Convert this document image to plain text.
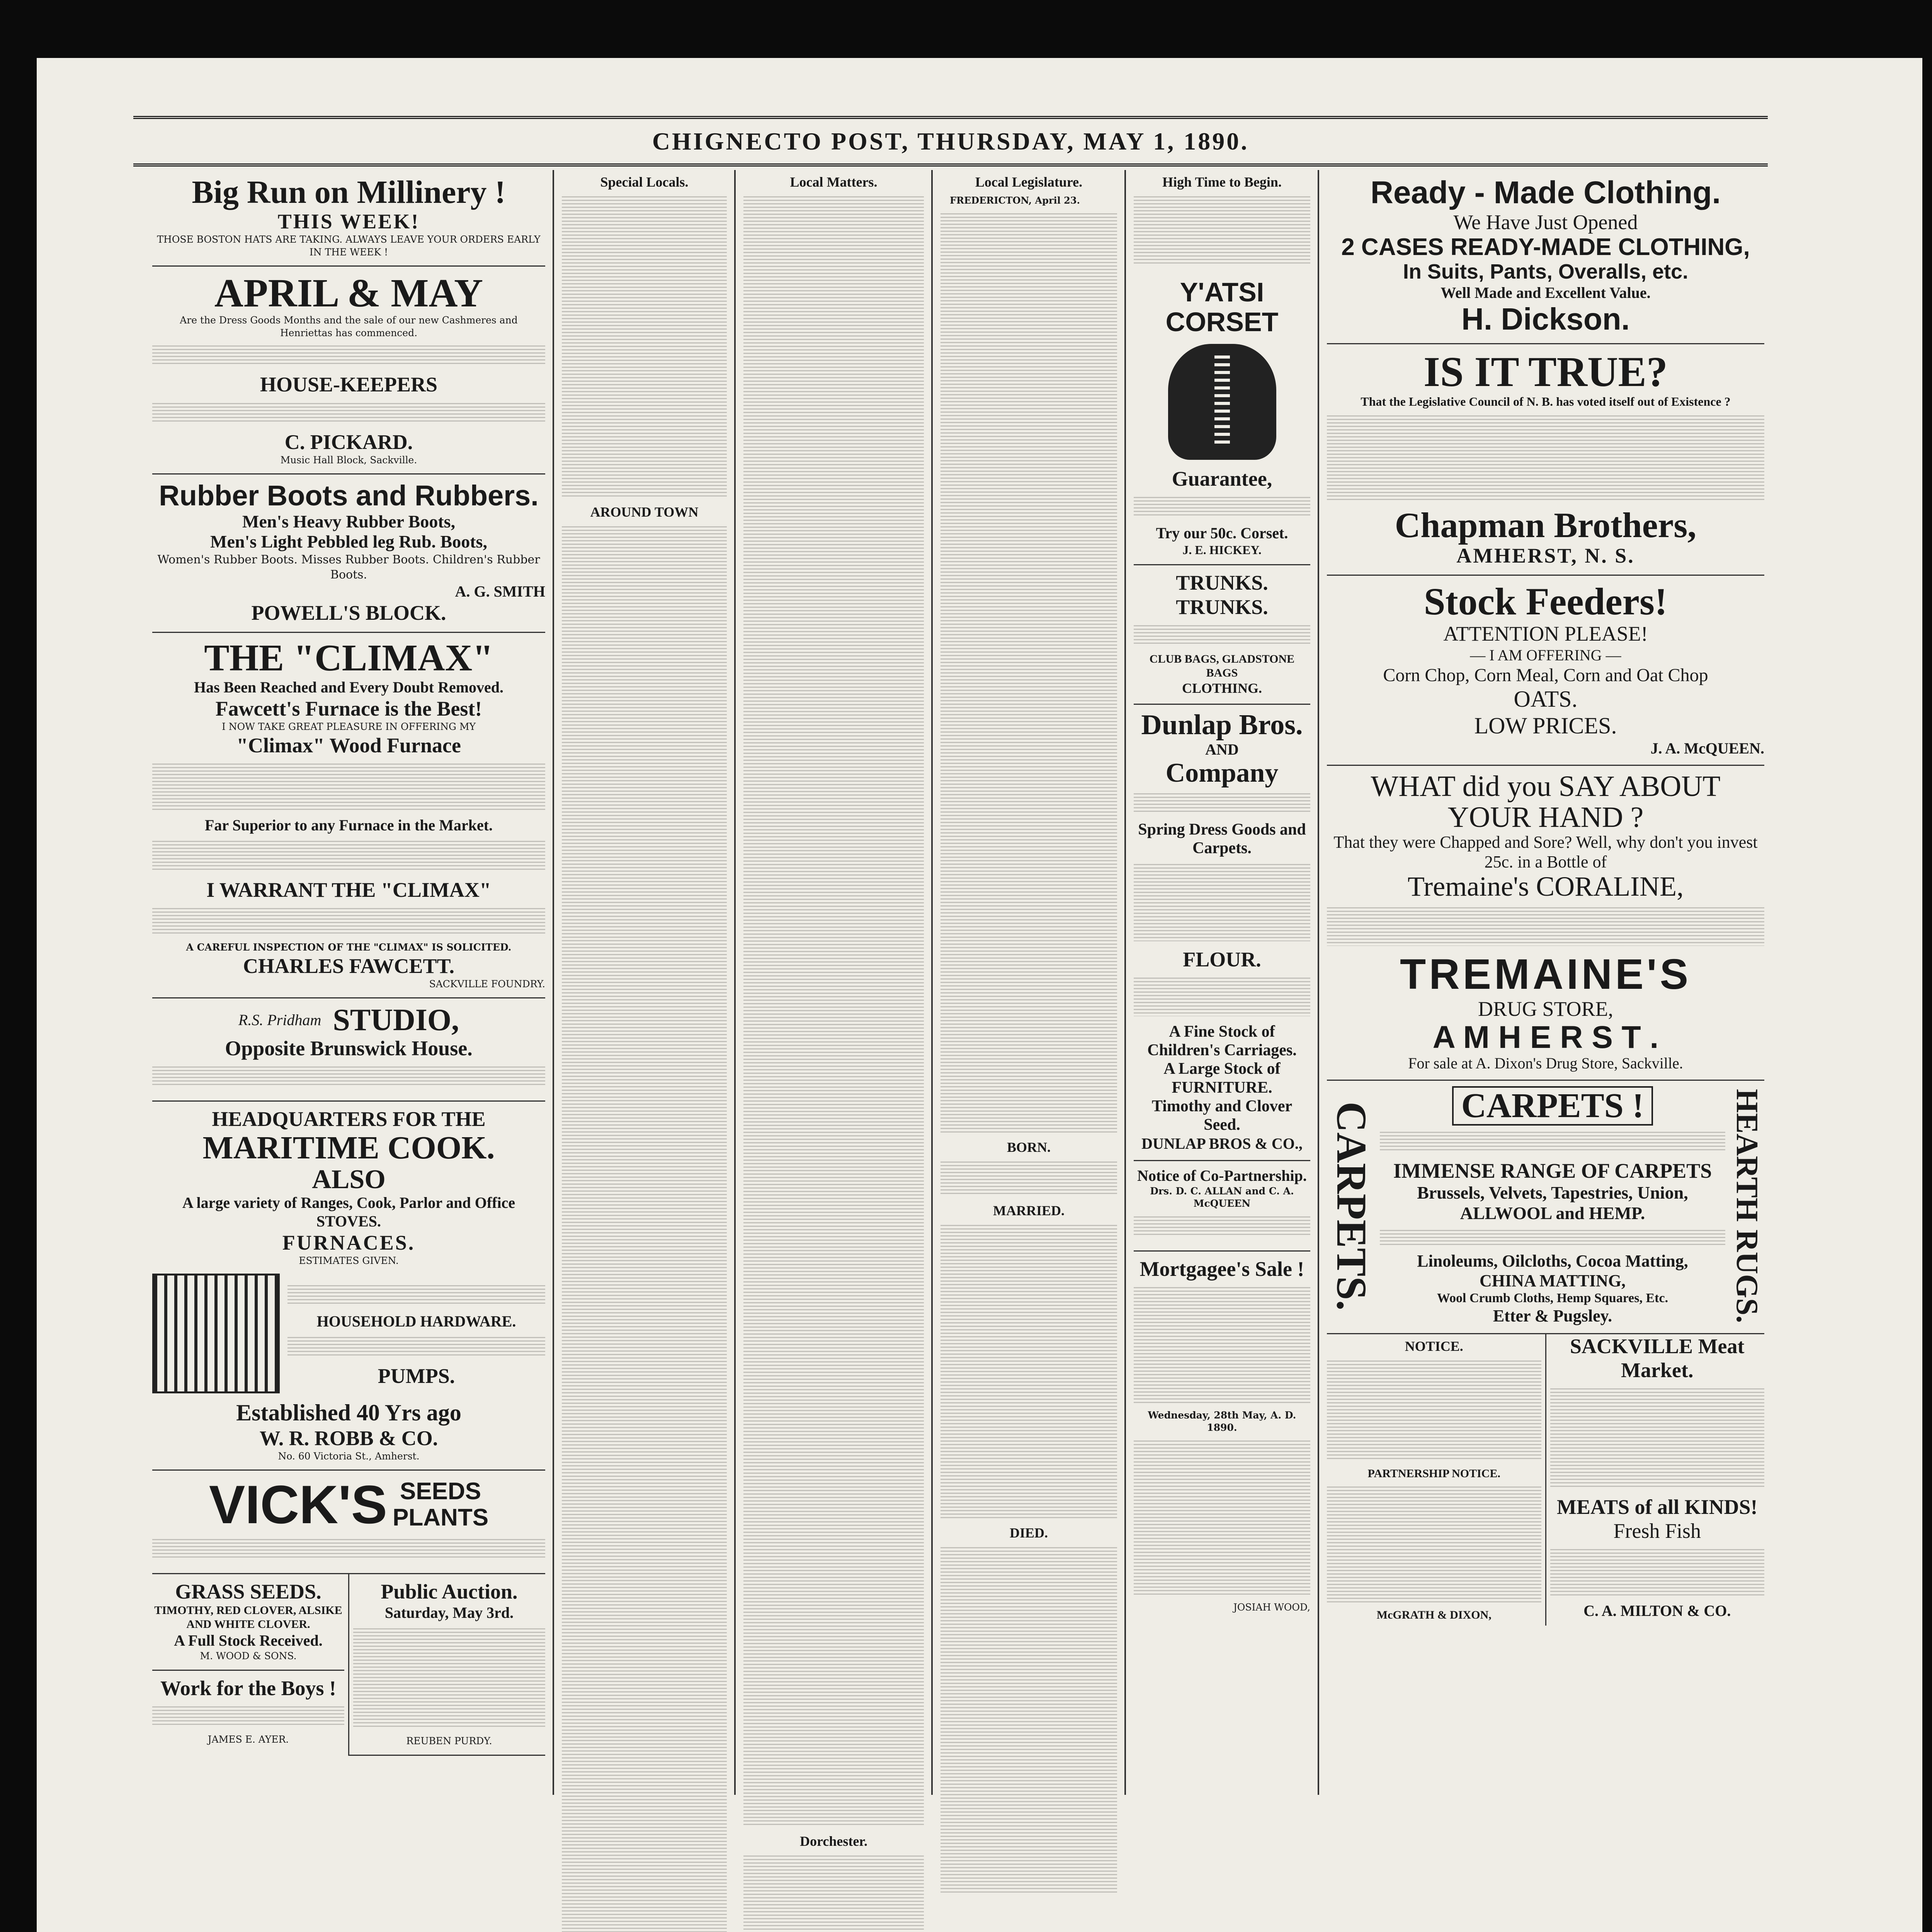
CHIGNECTO POST, THURSDAY, MAY 1, 1890.
Big Run on Millinery !
THIS WEEK!
THOSE BOSTON HATS ARE TAKING. ALWAYS LEAVE YOUR ORDERS EARLY IN THE WEEK !
APRIL & MAY
Are the Dress Goods Months and the sale of our new Cashmeres and Henriettas has commenced.
HOUSE-KEEPERS
C. PICKARD.
Music Hall Block, Sackville.
Rubber Boots and Rubbers.
Men's Heavy Rubber Boots,
Men's Light Pebbled leg Rub. Boots,
Women's Rubber Boots. Misses Rubber Boots. Children's Rubber Boots.
A. G. SMITH
POWELL'S BLOCK.
THE "CLIMAX"
Has Been Reached and Every Doubt Removed.
Fawcett's Furnace is the Best!
I NOW TAKE GREAT PLEASURE IN OFFERING MY
"Climax" Wood Furnace
Far Superior to any Furnace in the Market.
I WARRANT THE "CLIMAX"
A CAREFUL INSPECTION OF THE "CLIMAX" IS SOLICITED.
CHARLES FAWCETT.
SACKVILLE FOUNDRY.
R.S. Pridham STUDIO,
Opposite Brunswick House.
HEADQUARTERS FOR THE
MARITIME COOK.
ALSO
A large variety of Ranges, Cook, Parlor and Office STOVES.
FURNACES.
ESTIMATES GIVEN.
HOUSEHOLD HARDWARE.
PUMPS.
Established 40 Yrs ago
W. R. ROBB & CO.
No. 60 Victoria St., Amherst.
VICK'S SEEDS
PLANTS
GRASS SEEDS.
TIMOTHY, RED CLOVER, ALSIKE AND WHITE CLOVER.
A Full Stock Received.
M. WOOD & SONS.
Work for the Boys !
JAMES E. AYER.
Public Auction.
Saturday, May 3rd.
REUBEN PURDY.
Special Locals.
AROUND TOWN
Local Matters.
Dorchester.
Local Legislature.
FREDERICTON, April 23.
BORN.
MARRIED.
DIED.
High Time to Begin.
Y'ATSI CORSET
Guarantee,
Try our 50c. Corset.
J. E. HICKEY.
TRUNKS. TRUNKS.
CLUB BAGS, GLADSTONE BAGS
CLOTHING.
Dunlap Bros.
AND
Company
Spring Dress Goods and Carpets.
FLOUR.
A Fine Stock of Children's Carriages.
A Large Stock of FURNITURE.
Timothy and Clover Seed.
DUNLAP BROS & CO.,
Notice of Co-Partnership.
Drs. D. C. ALLAN and C. A. McQUEEN
Mortgagee's Sale !
Wednesday, 28th May, A. D. 1890.
JOSIAH WOOD,
Ready - Made Clothing.
We Have Just Opened
2 CASES READY-MADE CLOTHING,
In Suits, Pants, Overalls, etc.
Well Made and Excellent Value.
H. Dickson.
IS IT TRUE?
That the Legislative Council of N. B. has voted itself out of Existence ?
Chapman Brothers,
AMHERST, N. S.
Stock Feeders!
ATTENTION PLEASE!
— I AM OFFERING —
Corn Chop, Corn Meal, Corn and Oat Chop
OATS.
LOW PRICES.
J. A. McQUEEN.
WHAT did you SAY ABOUT YOUR HAND ?
That they were Chapped and Sore? Well, why don't you invest 25c. in a Bottle of
Tremaine's CORALINE,
TREMAINE'S
DRUG STORE,
A M H E R S T .
For sale at A. Dixon's Drug Store, Sackville.
CARPETS.	CARPETS !
IMMENSE RANGE OF CARPETS
Brussels, Velvets, Tapestries, Union, ALLWOOL and HEMP.
Linoleums, Oilcloths, Cocoa Matting,
CHINA MATTING,
Wool Crumb Cloths, Hemp Squares, Etc.
Etter & Pugsley.	HEARTH RUGS.
NOTICE.
PARTNERSHIP NOTICE.
McGRATH & DIXON,
SACKVILLE Meat Market.
MEATS of all KINDS!
Fresh Fish
C. A. MILTON & CO.
